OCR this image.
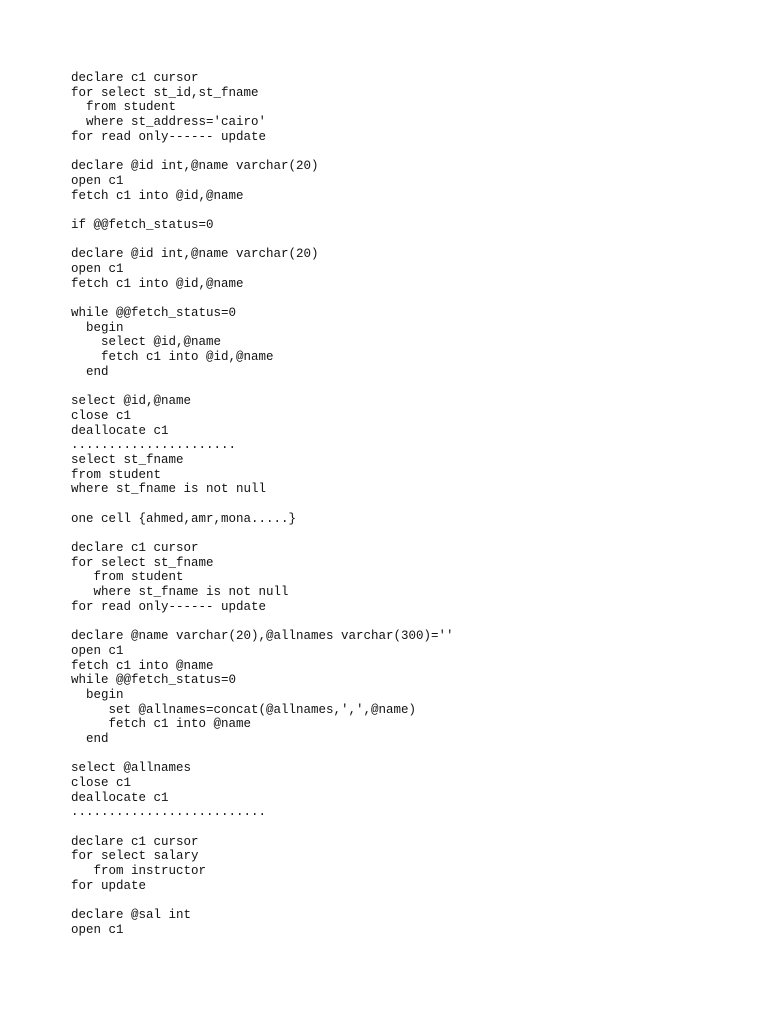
declare c1 cursor
for select st_id,st_fname
from student
where st_address='cairo'
for read only------ update
declare @id int,@name varchar(20)
open c1
fetch c1 into @id,@name
if @@fetch_status=0
declare @id int,@name varchar(20)
open c1
fetch c1 into @id,@name
while @@fetch_status=0
begin
select @id,@name
fetch c1 into @id,@name
end
select @id,@name
close c1
deallocate c1
......................
select st_fname
from student
where st_fname is not null
one cell {ahmed,amr,mona.....}
declare c1 cursor
for select st_fname
from student
where st_fname is not null
for read only------ update
declare @name varchar(20),@allnames varchar(300)=''
open c1
fetch c1 into @name
while @@fetch_status=0
begin
set @allnames=concat(@allnames,',',@name)
fetch c1 into @name
end
select @allnames
close c1
deallocate c1
..........................
declare c1 cursor
for select salary
from instructor
for update
declare @sal int
open c1
